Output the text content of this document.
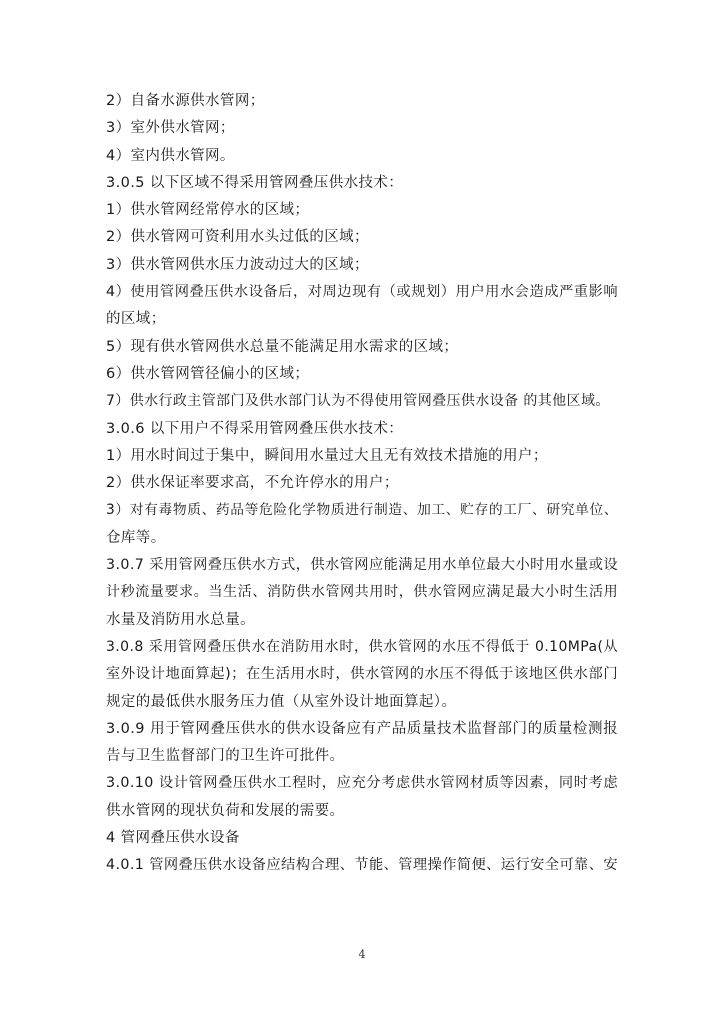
2）自备水源供水管网；
3）室外供水管网；
4）室内供水管网。
3.0.5 以下区域不得采用管网叠压供水技术：
1）供水管网经常停水的区域；
2）供水管网可资利用水头过低的区域；
3）供水管网供水压力波动过大的区域；
4）使用管网叠压供水设备后，对周边现有（或规划）用户用水会造成严重影响
的区域；
5）现有供水管网供水总量不能满足用水需求的区域；
6）供水管网管径偏小的区域；
7）供水行政主管部门及供水部门认为不得使用管网叠压供水设备 的其他区域。
3.0.6 以下用户不得采用管网叠压供水技术：
1）用水时间过于集中，瞬间用水量过大且无有效技术措施的用户；
2）供水保证率要求高，不允许停水的用户；
3）对有毒物质、药品等危险化学物质进行制造、加工、贮存的工厂、研究单位、
仓库等。
3.0.7 采用管网叠压供水方式，供水管网应能满足用水单位最大小时用水量或设
计秒流量要求。当生活、消防供水管网共用时，供水管网应满足最大小时生活用
水量及消防用水总量。
3.0.8 采用管网叠压供水在消防用水时，供水管网的水压不得低于 0.10MPa(从
室外设计地面算起)；在生活用水时，供水管网的水压不得低于该地区供水部门
规定的最低供水服务压力值（从室外设计地面算起）。
3.0.9 用于管网叠压供水的供水设备应有产品质量技术监督部门的质量检测报
告与卫生监督部门的卫生许可批件。
3.0.10 设计管网叠压供水工程时，应充分考虑供水管网材质等因素，同时考虑
供水管网的现状负荷和发展的需要。
4 管网叠压供水设备
4.0.1 管网叠压供水设备应结构合理、节能、管理操作简便、运行安全可靠、安
4
